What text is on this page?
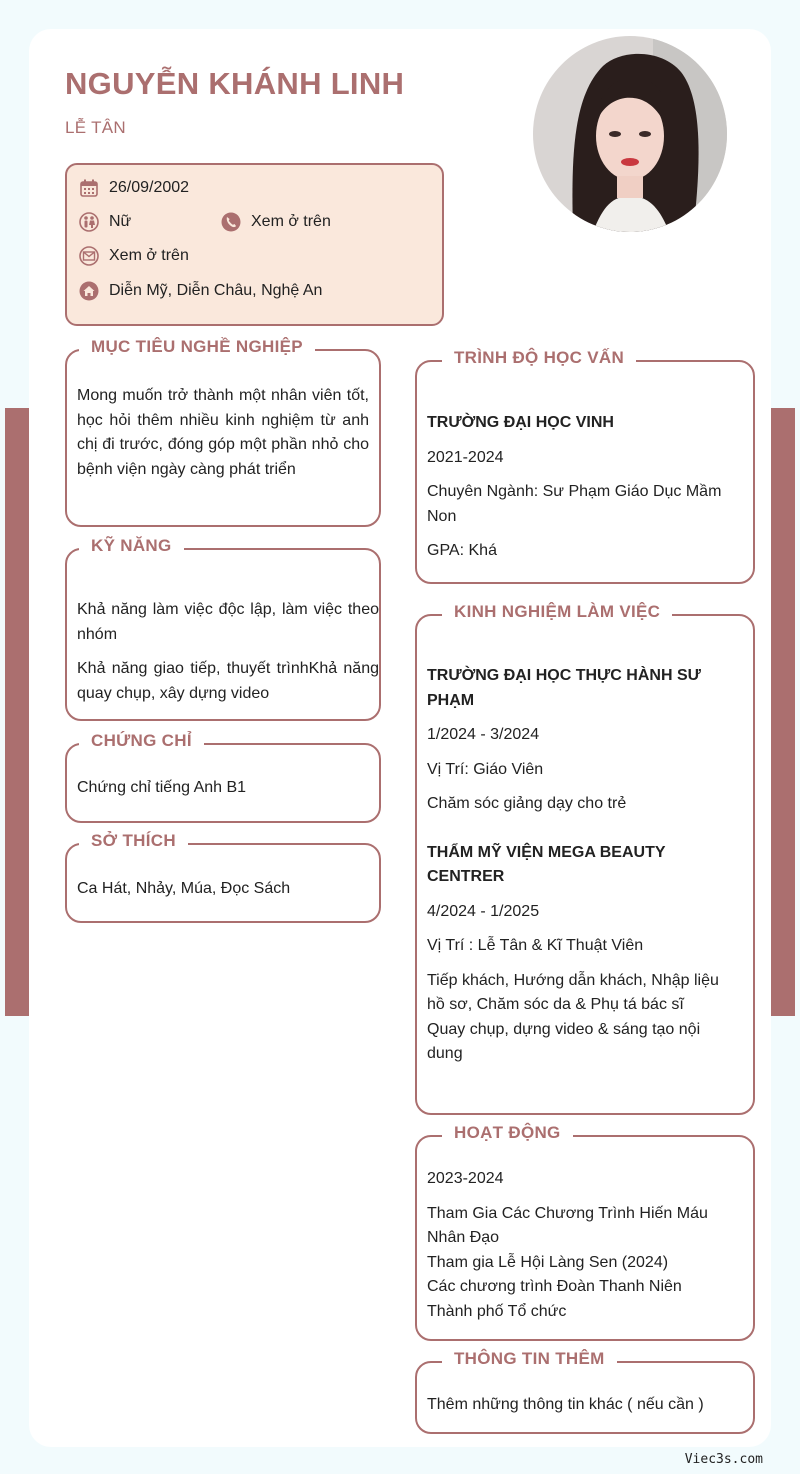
NGUYỄN KHÁNH LINH
LỄ TÂN
26/09/2002
Nữ	Xem ở trên
Xem ở trên
Diễn Mỹ, Diễn Châu, Nghệ An
MỤC TIÊU NGHỀ NGHIỆP
Mong muốn trở thành một nhân viên tốt, học hỏi thêm nhiều kinh nghiệm từ anh chị đi trước, đóng góp một phần nhỏ cho bệnh viện ngày càng phát triển
KỸ NĂNG
Khả năng làm việc độc lập, làm việc theo nhóm
Khả năng giao tiếp, thuyết trìnhKhả năng quay chụp, xây dựng video
CHỨNG CHỈ
Chứng chỉ tiếng Anh B1
SỞ THÍCH
Ca Hát, Nhảy, Múa, Đọc Sách
TRÌNH ĐỘ HỌC VẤN
TRƯỜNG ĐẠI HỌC VINH
2021-2024
Chuyên Ngành: Sư Phạm Giáo Dục Mầm Non
GPA: Khá
KINH NGHIỆM LÀM VIỆC
TRƯỜNG ĐẠI HỌC THỰC HÀNH SƯ PHẠM
1/2024 - 3/2024
Vị Trí: Giáo Viên
Chăm sóc giảng dạy cho trẻ
THẨM MỸ VIỆN MEGA BEAUTY CENTRER
4/2024 - 1/2025
Vị Trí : Lễ Tân & Kĩ Thuật Viên
Tiếp khách, Hướng dẫn khách, Nhập liệu hồ sơ, Chăm sóc da & Phụ tá bác sĩ
Quay chụp, dựng video & sáng tạo nội dung
HOẠT ĐỘNG
2023-2024
Tham Gia Các Chương Trình Hiến Máu Nhân Đạo
Tham gia Lễ Hội Làng Sen (2024)
Các chương trình Đoàn Thanh Niên Thành phố Tổ chức
THÔNG TIN THÊM
Thêm những thông tin khác ( nếu cần )
Viec3s.com
